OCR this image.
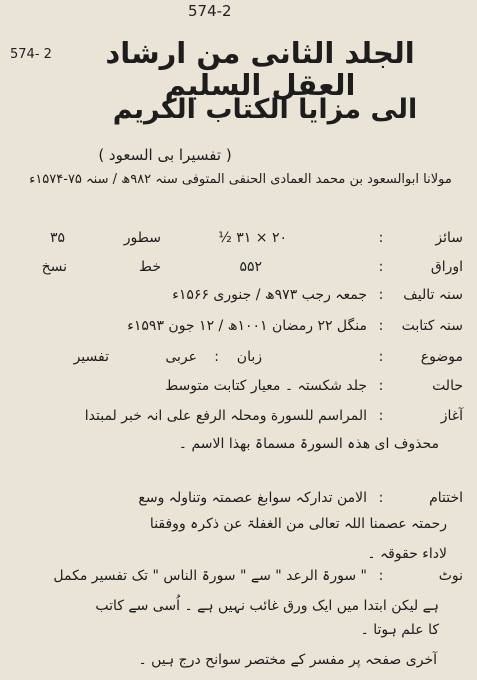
574-2
574- 2	الجلد الثانی من ارشاد العقل السلیم
الی مزایا الکتاب الکریم
( تفسیرا بی السعود )
مولانا ابوالسعود بن محمد العمادی الحنفی المتوفی سنہ ۹۸۲ھ / سنہ ۷۵-۱۵۷۴ء
سائز
:
۲۰ × ۳۱ ½
سطور
۳۵
اوراق
:
۵۵۲
خط
نسخ
سنہ تالیف
:
جمعہ رجب ۹۷۳ھ / جنوری ۱۵۶۶ء
سنہ کتابت
:
منگل ۲۲ رمضان ۱۰۰۱ھ / ۱۲ جون ۱۵۹۳ء
موضوع
:
تفسیر	زبان
:
عربی
حالت
:
جلد شکستہ ۔ معیار کتابت متوسط
آغاز
:
المراسم للسورة ومحلہ الرفع علی انہ خبر لمبتدا
محذوف ای ھذہ السورۃ مسماۃ بھذا الاسم ۔
اختتام
:
الامن تدارکہ سوابغ عصمتہ وتناولہ وسع
رحمتہ عصمنا اللہ تعالی من الغفلۃ عن ذکرہ ووفقنا
لاداء حقوقہ ۔
نوٹ
:
" سورۃ الرعد " سے " سورۃ الناس " تک تفسیر مکمل
ہے لیکن ابتدا میں ایک ورق غائب نہیں ہے ۔ اُسی سے کاتب
کا علم ہوتا ۔
آخری صفحہ پر مفسر کے مختصر سوانح درج ہیں ۔
